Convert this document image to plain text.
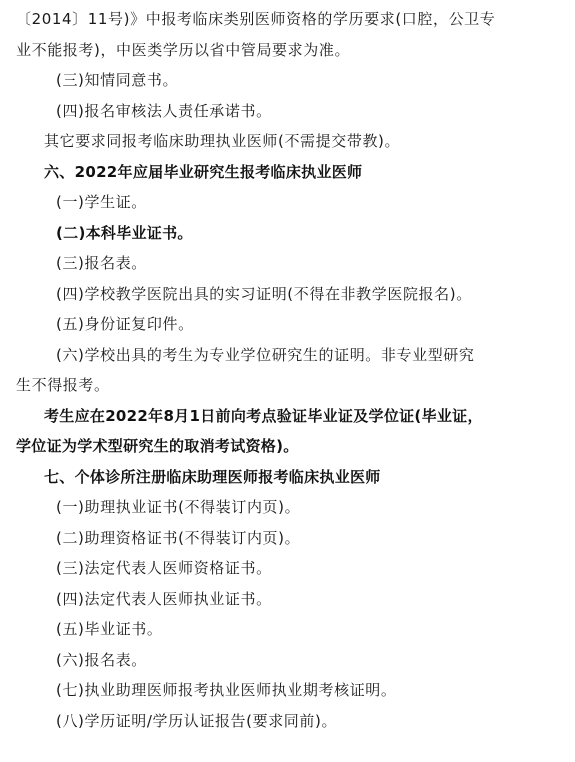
〔2014〕11号)》中报考临床类别医师资格的学历要求(口腔，公卫专
业不能报考)，中医类学历以省中管局要求为准。
(三)知情同意书。
(四)报名审核法人责任承诺书。
其它要求同报考临床助理执业医师(不需提交带教)。
六、2022年应届毕业研究生报考临床执业医师
(一)学生证。
(二)本科毕业证书。
(三)报名表。
(四)学校教学医院出具的实习证明(不得在非教学医院报名)。
(五)身份证复印件。
(六)学校出具的考生为专业学位研究生的证明。非专业型研究
生不得报考。
考生应在2022年8月1日前向考点验证毕业证及学位证(毕业证，
学位证为学术型研究生的取消考试资格)。
七、个体诊所注册临床助理医师报考临床执业医师
(一)助理执业证书(不得装订内页)。
(二)助理资格证书(不得装订内页)。
(三)法定代表人医师资格证书。
(四)法定代表人医师执业证书。
(五)毕业证书。
(六)报名表。
(七)执业助理医师报考执业医师执业期考核证明。
(八)学历证明/学历认证报告(要求同前)。
